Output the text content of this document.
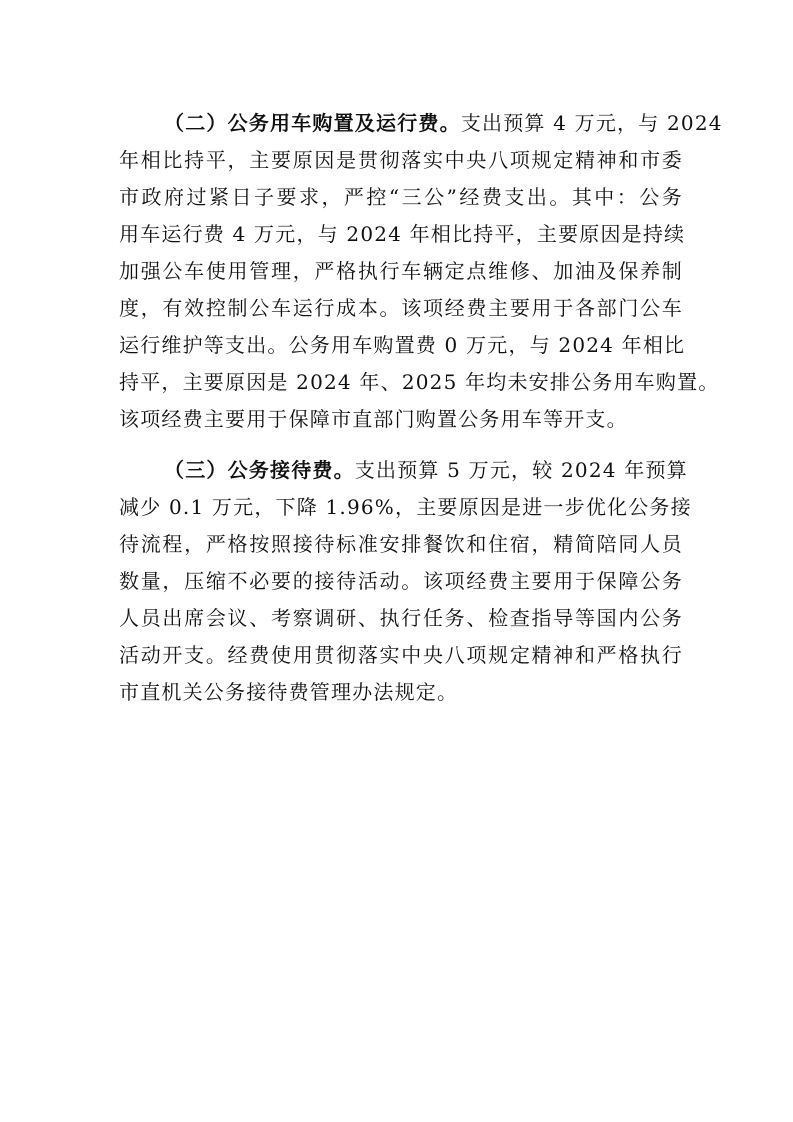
（二）公务用车购置及运行费。支出预算 4 万元，与 2024
年相比持平，主要原因是贯彻落实中央八项规定精神和市委
市政府过紧日子要求，严控“三公”经费支出。其中：公务
用车运行费 4 万元，与 2024 年相比持平，主要原因是持续
加强公车使用管理，严格执行车辆定点维修、加油及保养制
度，有效控制公车运行成本。该项经费主要用于各部门公车
运行维护等支出。公务用车购置费 0 万元，与 2024 年相比
持平，主要原因是 2024 年、2025 年均未安排公务用车购置。
该项经费主要用于保障市直部门购置公务用车等开支。
（三）公务接待费。支出预算 5 万元，较 2024 年预算
减少 0.1 万元，下降 1.96%，主要原因是进一步优化公务接
待流程，严格按照接待标准安排餐饮和住宿，精简陪同人员
数量，压缩不必要的接待活动。该项经费主要用于保障公务
人员出席会议、考察调研、执行任务、检查指导等国内公务
活动开支。经费使用贯彻落实中央八项规定精神和严格执行
市直机关公务接待费管理办法规定。
